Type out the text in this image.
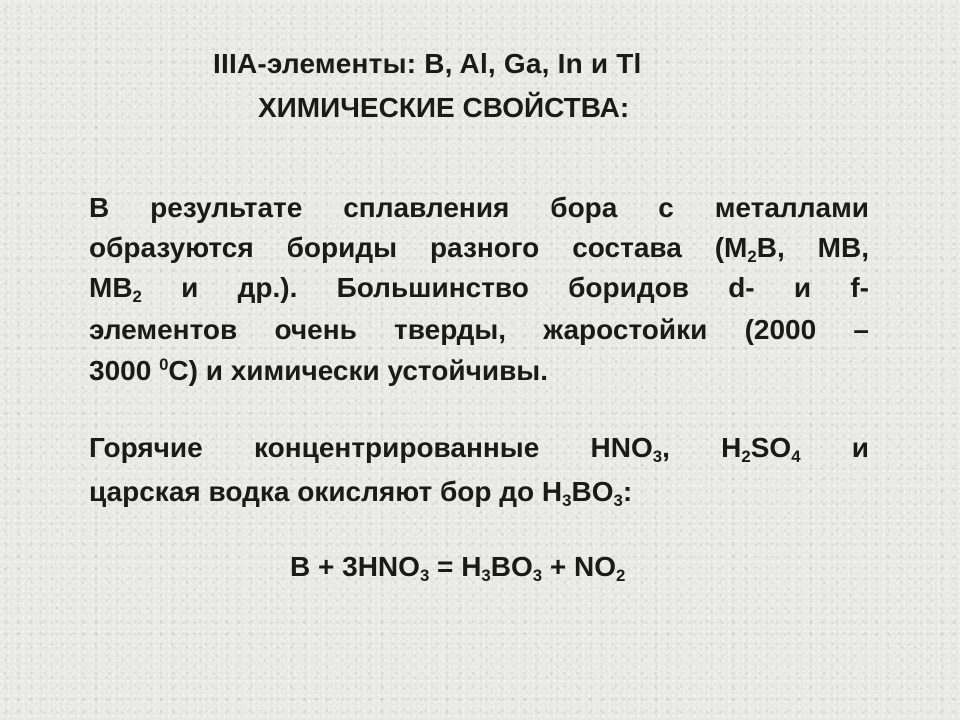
IIIA-элементы: B, Al, Ga, In и Tl
ХИМИЧЕСКИЕ СВОЙСТВА:
В результате сплавления бора с металлами
образуются бориды разного состава ($М_2В$, МВ,
$МВ_2$ и др.). Большинство боридов d- и f-
элементов очень тверды, жаростойки (2000 –
3000 $^0$С) и химически устойчивы.
Горячие концентрированные $HNO_3$, $H_2SO_4$ и
царская водка окисляют бор до $H_3BO_3$:
$B + 3HNO_3 = H_3BO_3 + NO_2$
